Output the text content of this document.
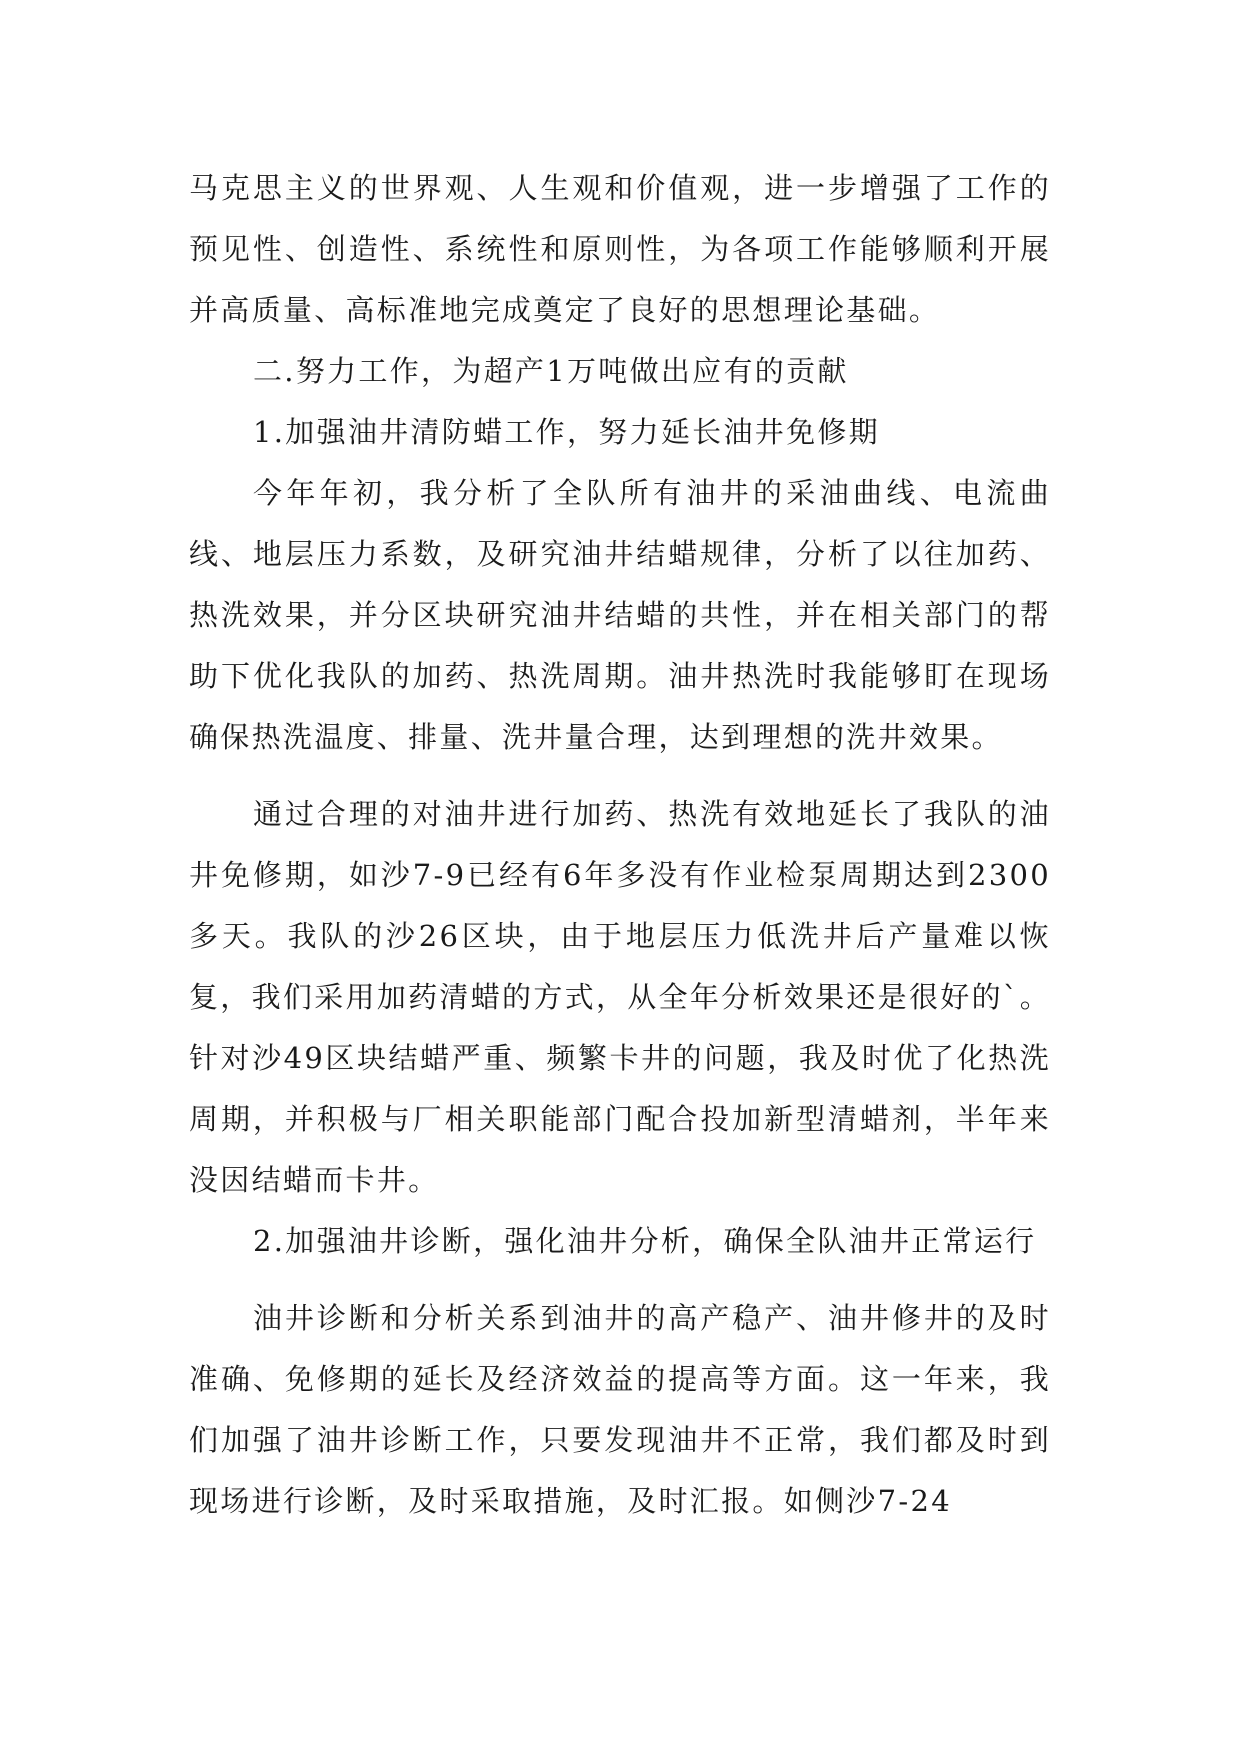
马克思主义的世界观、人生观和价值观，进一步增强了工作的预见性、创造性、系统性和原则性，为各项工作能够顺利开展并高质量、高标准地完成奠定了良好的思想理论基础。

二.努力工作，为超产1万吨做出应有的贡献

1.加强油井清防蜡工作，努力延长油井免修期

今年年初，我分析了全队所有油井的采油曲线、电流曲线、地层压力系数，及研究油井结蜡规律，分析了以往加药、热洗效果，并分区块研究油井结蜡的共性，并在相关部门的帮助下优化我队的加药、热洗周期。油井热洗时我能够盯在现场确保热洗温度、排量、洗井量合理，达到理想的洗井效果。

通过合理的对油井进行加药、热洗有效地延长了我队的油井免修期，如沙7-9已经有6年多没有作业检泵周期达到2300多天。我队的沙26区块，由于地层压力低洗井后产量难以恢复，我们采用加药清蜡的方式，从全年分析效果还是很好的`。针对沙49区块结蜡严重、频繁卡井的问题，我及时优了化热洗周期，并积极与厂相关职能部门配合投加新型清蜡剂，半年来没因结蜡而卡井。

2.加强油井诊断，强化油井分析，确保全队油井正常运行

油井诊断和分析关系到油井的高产稳产、油井修井的及时准确、免修期的延长及经济效益的提高等方面。这一年来，我们加强了油井诊断工作，只要发现油井不正常，我们都及时到现场进行诊断，及时采取措施，及时汇报。如侧沙7-24
